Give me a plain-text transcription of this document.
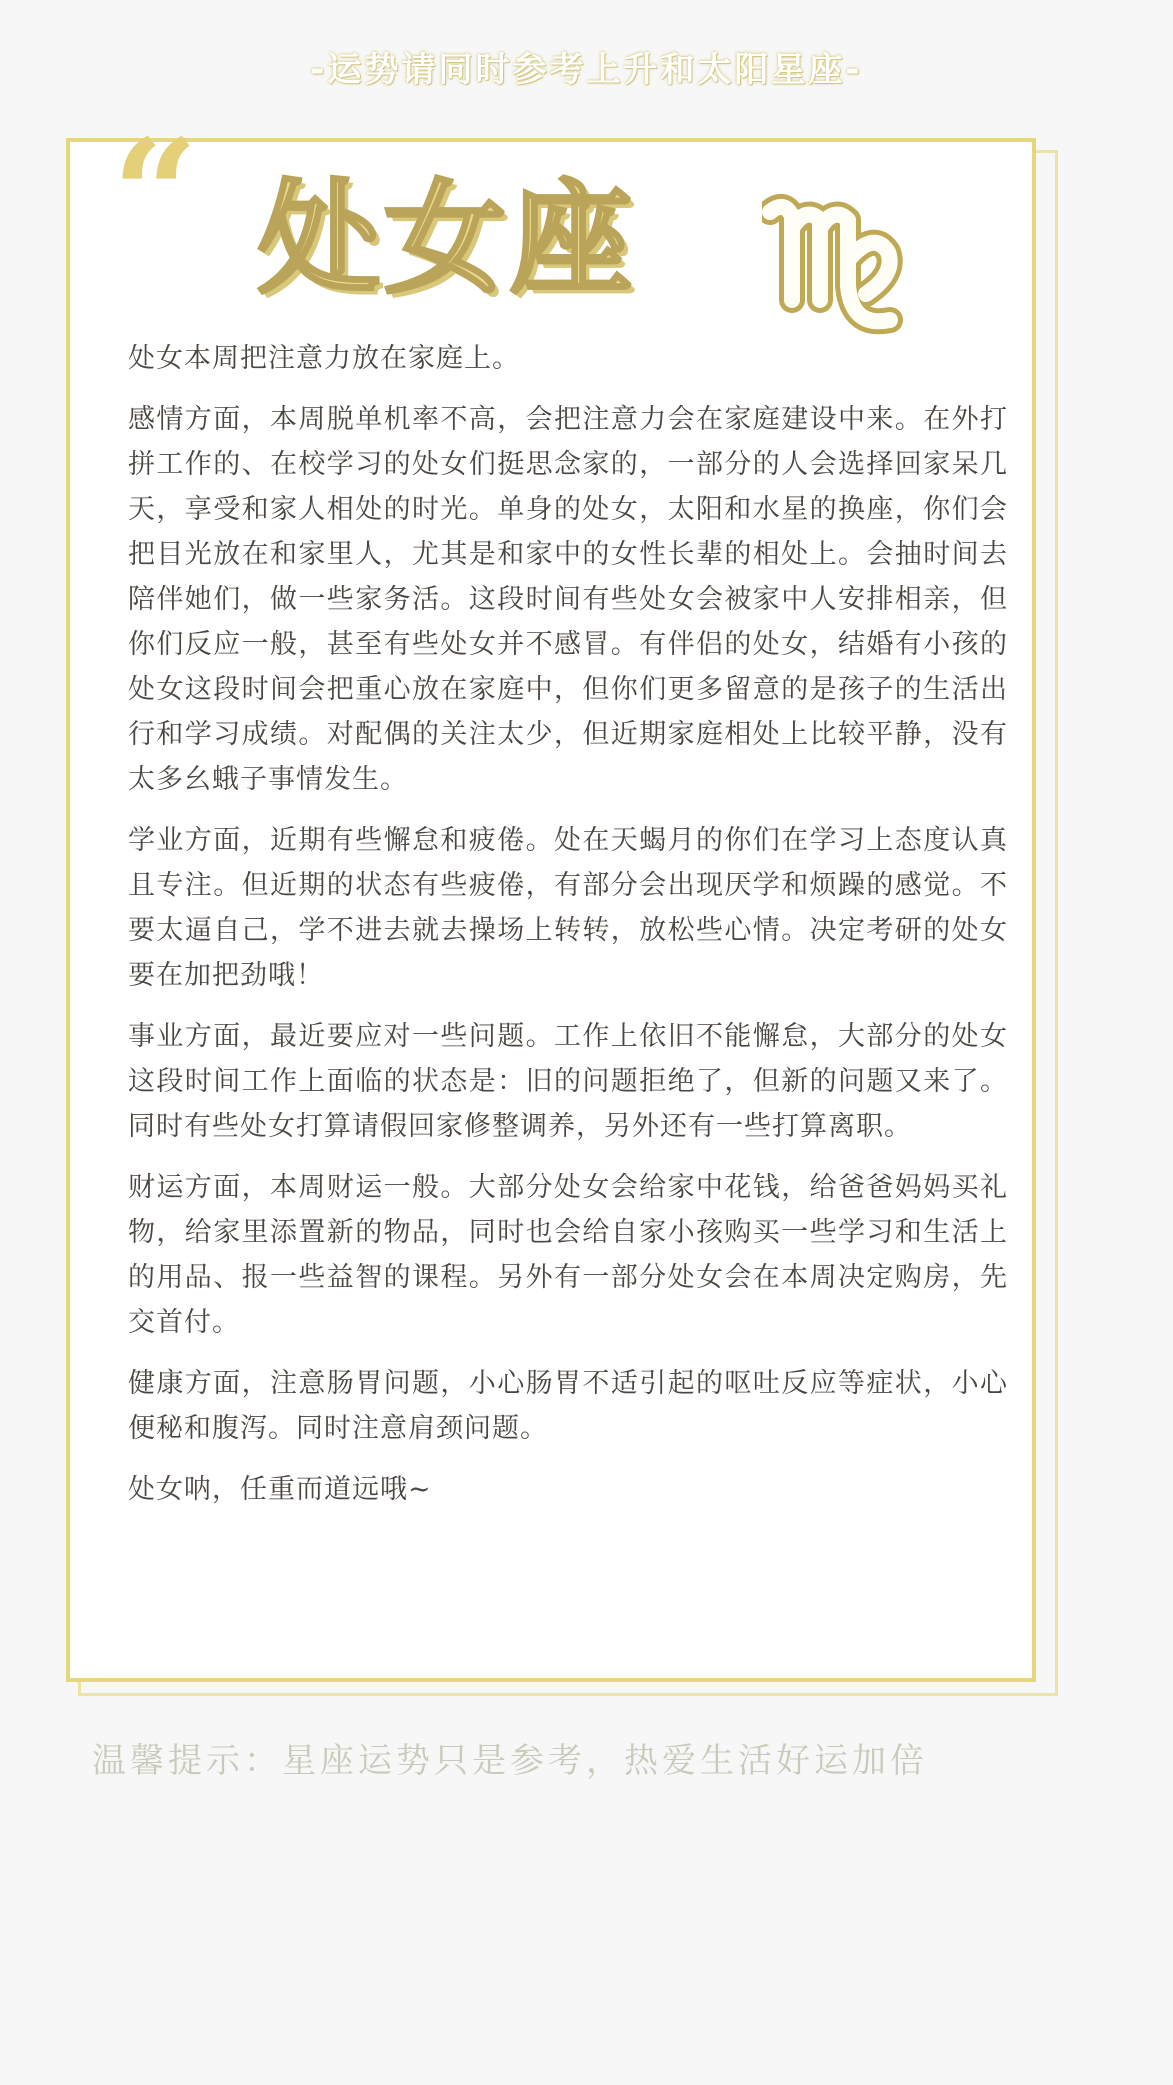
-运势请同时参考上升和太阳星座-
“ 处女座

处女本周把注意力放在家庭上。

感情方面，本周脱单机率不高，会把注意力会在家庭建设中来。在外打拼工作的、在校学习的处女们挺思念家的，一部分的人会选择回家呆几天，享受和家人相处的时光。单身的处女，太阳和水星的换座，你们会把目光放在和家里人，尤其是和家中的女性长辈的相处上。会抽时间去陪伴她们，做一些家务活。这段时间有些处女会被家中人安排相亲，但你们反应一般，甚至有些处女并不感冒。有伴侣的处女，结婚有小孩的处女这段时间会把重心放在家庭中，但你们更多留意的是孩子的生活出行和学习成绩。对配偶的关注太少，但近期家庭相处上比较平静，没有太多幺蛾子事情发生。

学业方面，近期有些懈怠和疲倦。处在天蝎月的你们在学习上态度认真且专注。但近期的状态有些疲倦，有部分会出现厌学和烦躁的感觉。不要太逼自己，学不进去就去操场上转转，放松些心情。决定考研的处女要在加把劲哦！

事业方面，最近要应对一些问题。工作上依旧不能懈怠，大部分的处女这段时间工作上面临的状态是：旧的问题拒绝了，但新的问题又来了。同时有些处女打算请假回家修整调养，另外还有一些打算离职。

财运方面，本周财运一般。大部分处女会给家中花钱，给爸爸妈妈买礼物，给家里添置新的物品，同时也会给自家小孩购买一些学习和生活上的用品、报一些益智的课程。另外有一部分处女会在本周决定购房，先交首付。

健康方面，注意肠胃问题，小心肠胃不适引起的呕吐反应等症状，小心便秘和腹泻。同时注意肩颈问题。

处女呐，任重而道远哦~

温馨提示：星座运势只是参考，热爱生活好运加倍
